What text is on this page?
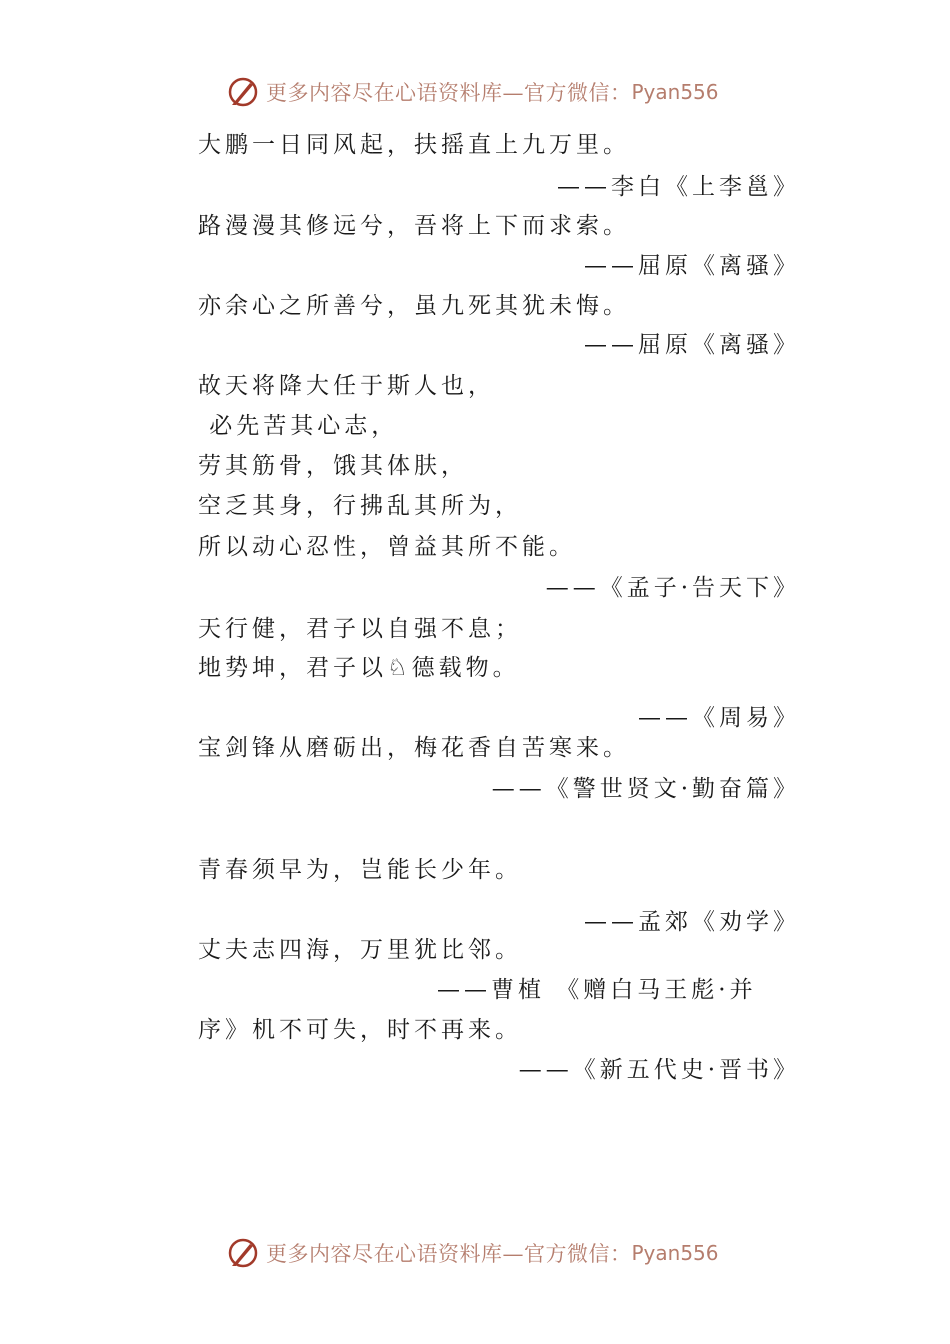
更多内容尽在心语资料库—官方微信： Pyan556
大鹏一日同风起，扶摇直上九万里。
——李白《上李邕》
路漫漫其修远兮，吾将上下而求索。
——屈原《离骚》
亦余心之所善兮，虽九死其犹未悔。
——屈原《离骚》
故天将降大任于斯人也，
必先苦其心志，
劳其筋骨，饿其体肤，
空乏其身，行拂乱其所为，
所以动心忍性，曾益其所不能。
——《孟子·告天下》
天行健，君子以自强不息；
地势坤，君子以♘德载物。
——《周易》
宝剑锋从磨砺出，梅花香自苦寒来。
——《警世贤文·勤奋篇》
青春须早为，岂能长少年。
——孟郊《劝学》
丈夫志四海，万里犹比邻。
——曹植 《赠白马王彪·并
序》机不可失，时不再来。
——《新五代史·晋书》
更多内容尽在心语资料库—官方微信： Pyan556
